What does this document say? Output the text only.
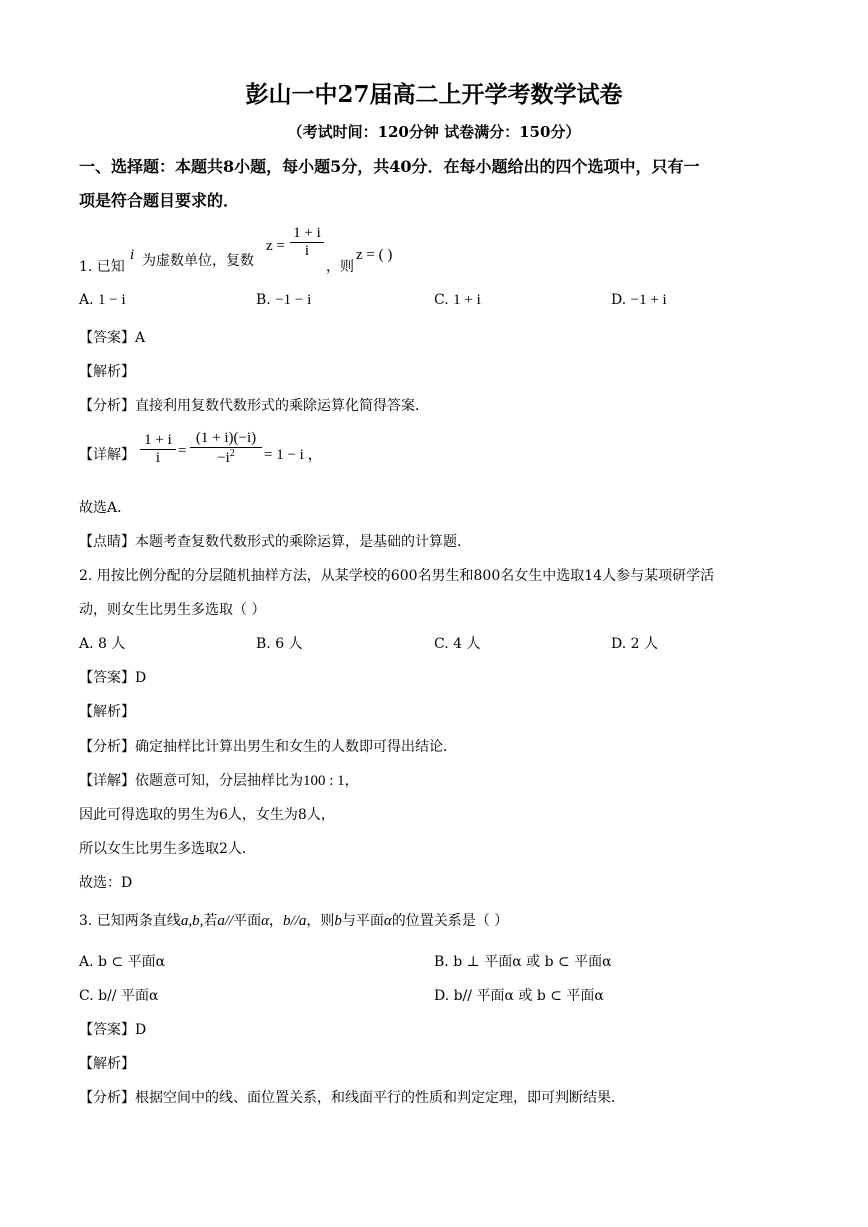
彭山一中27届高二上开学考数学试卷
（考试时间：120分钟 试卷满分：150分）
一、选择题：本题共8小题，每小题5分，共40分．在每小题给出的四个选项中，只有一
项是符合题目要求的．
1. 已知
i 为虚数单位，复数
z =
1 + i
i
，则
z = ( )
A. 1 − i	B. −1 − i	C. 1 + i	D. −1 + i
【答案】A
【解析】
【分析】直接利用复数代数形式的乘除运算化简得答案．
【详解】
1 + i
i	=
(1 + i)(−i)
$-i^2$	= 1 − i ，
故选A．
【点睛】本题考查复数代数形式的乘除运算，是基础的计算题．
2. 用按比例分配的分层随机抽样方法，从某学校的600名男生和800名女生中选取14人参与某项研学活
动，则女生比男生多选取（ ）
A. 8 人	B. 6 人	C. 4 人	D. 2 人
【答案】D
【解析】
【分析】确定抽样比计算出男生和女生的人数即可得出结论．
【详解】依题意可知，分层抽样比为100 : 1，
因此可得选取的男生为6人，女生为8人，
所以女生比男生多选取2人．
故选：D
3. 已知两条直线a,b,若a//平面α，b//a，则b与平面α的位置关系是（ ）
A. b ⊂ 平面α	B. b ⊥ 平面α 或 b ⊂ 平面α
C. b// 平面α	D. b// 平面α 或 b ⊂ 平面α
【答案】D
【解析】
【分析】根据空间中的线、面位置关系，和线面平行的性质和判定定理，即可判断结果．
